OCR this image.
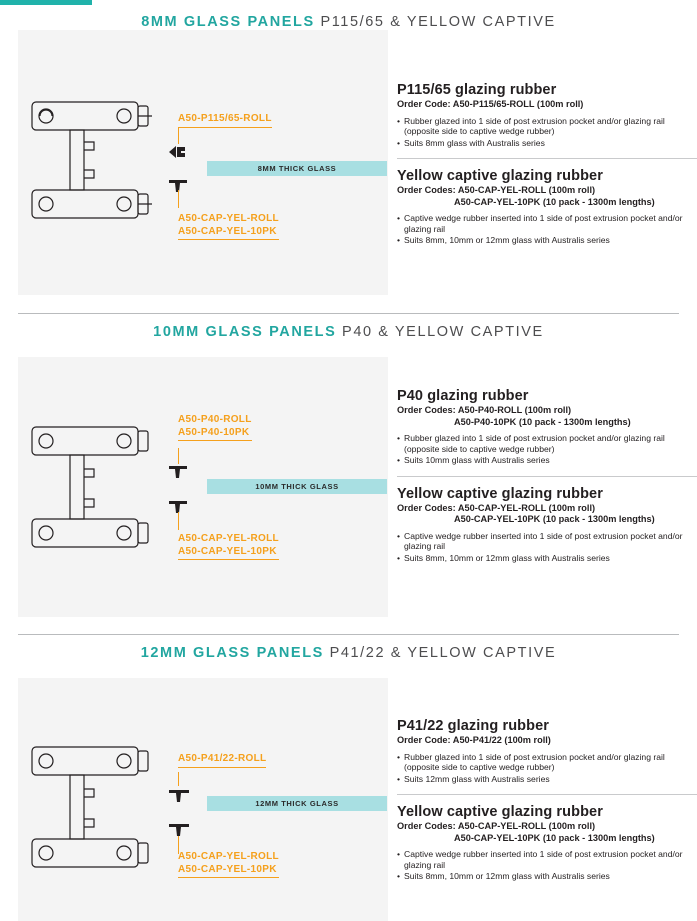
8MM GLASS PANELS P115/65 & YELLOW CAPTIVE
8MM THICK GLASS
A50-P115/65-ROLL
A50-CAP-YEL-ROLL
A50-CAP-YEL-10PK
P115/65 glazing rubber
Order Code: A50-P115/65-ROLL (100m roll)
• Rubber glazed into 1 side of post extrusion pocket and/or glazing rail (opposite side to captive wedge rubber)
• Suits 8mm glass with Australis series
Yellow captive glazing rubber
Order Codes: A50-CAP-YEL-ROLL (100m roll)
A50-CAP-YEL-10PK (10 pack - 1300m lengths)
• Captive wedge rubber inserted into 1 side of post extrusion pocket and/or glazing rail
• Suits 8mm, 10mm or 12mm glass with Australis series
10MM GLASS PANELS P40 & YELLOW CAPTIVE
10MM THICK GLASS
A50-P40-ROLL
A50-P40-10PK
A50-CAP-YEL-ROLL
A50-CAP-YEL-10PK
P40 glazing rubber
Order Codes: A50-P40-ROLL (100m roll)
A50-P40-10PK (10 pack - 1300m lengths)
• Rubber glazed into 1 side of post extrusion pocket and/or glazing rail (opposite side to captive wedge rubber)
• Suits 10mm glass with Australis series
Yellow captive glazing rubber
Order Codes: A50-CAP-YEL-ROLL (100m roll)
A50-CAP-YEL-10PK (10 pack - 1300m lengths)
• Captive wedge rubber inserted into 1 side of post extrusion pocket and/or glazing rail
• Suits 8mm, 10mm or 12mm glass with Australis series
12MM GLASS PANELS P41/22 & YELLOW CAPTIVE
12MM THICK GLASS
A50-P41/22-ROLL
A50-CAP-YEL-ROLL
A50-CAP-YEL-10PK
P41/22 glazing rubber
Order Code: A50-P41/22 (100m roll)
• Rubber glazed into 1 side of post extrusion pocket and/or glazing rail (opposite side to captive wedge rubber)
• Suits 12mm glass with Australis series
Yellow captive glazing rubber
Order Codes: A50-CAP-YEL-ROLL (100m roll)
A50-CAP-YEL-10PK (10 pack - 1300m lengths)
• Captive wedge rubber inserted into 1 side of post extrusion pocket and/or glazing rail
• Suits 8mm, 10mm or 12mm glass with Australis series
